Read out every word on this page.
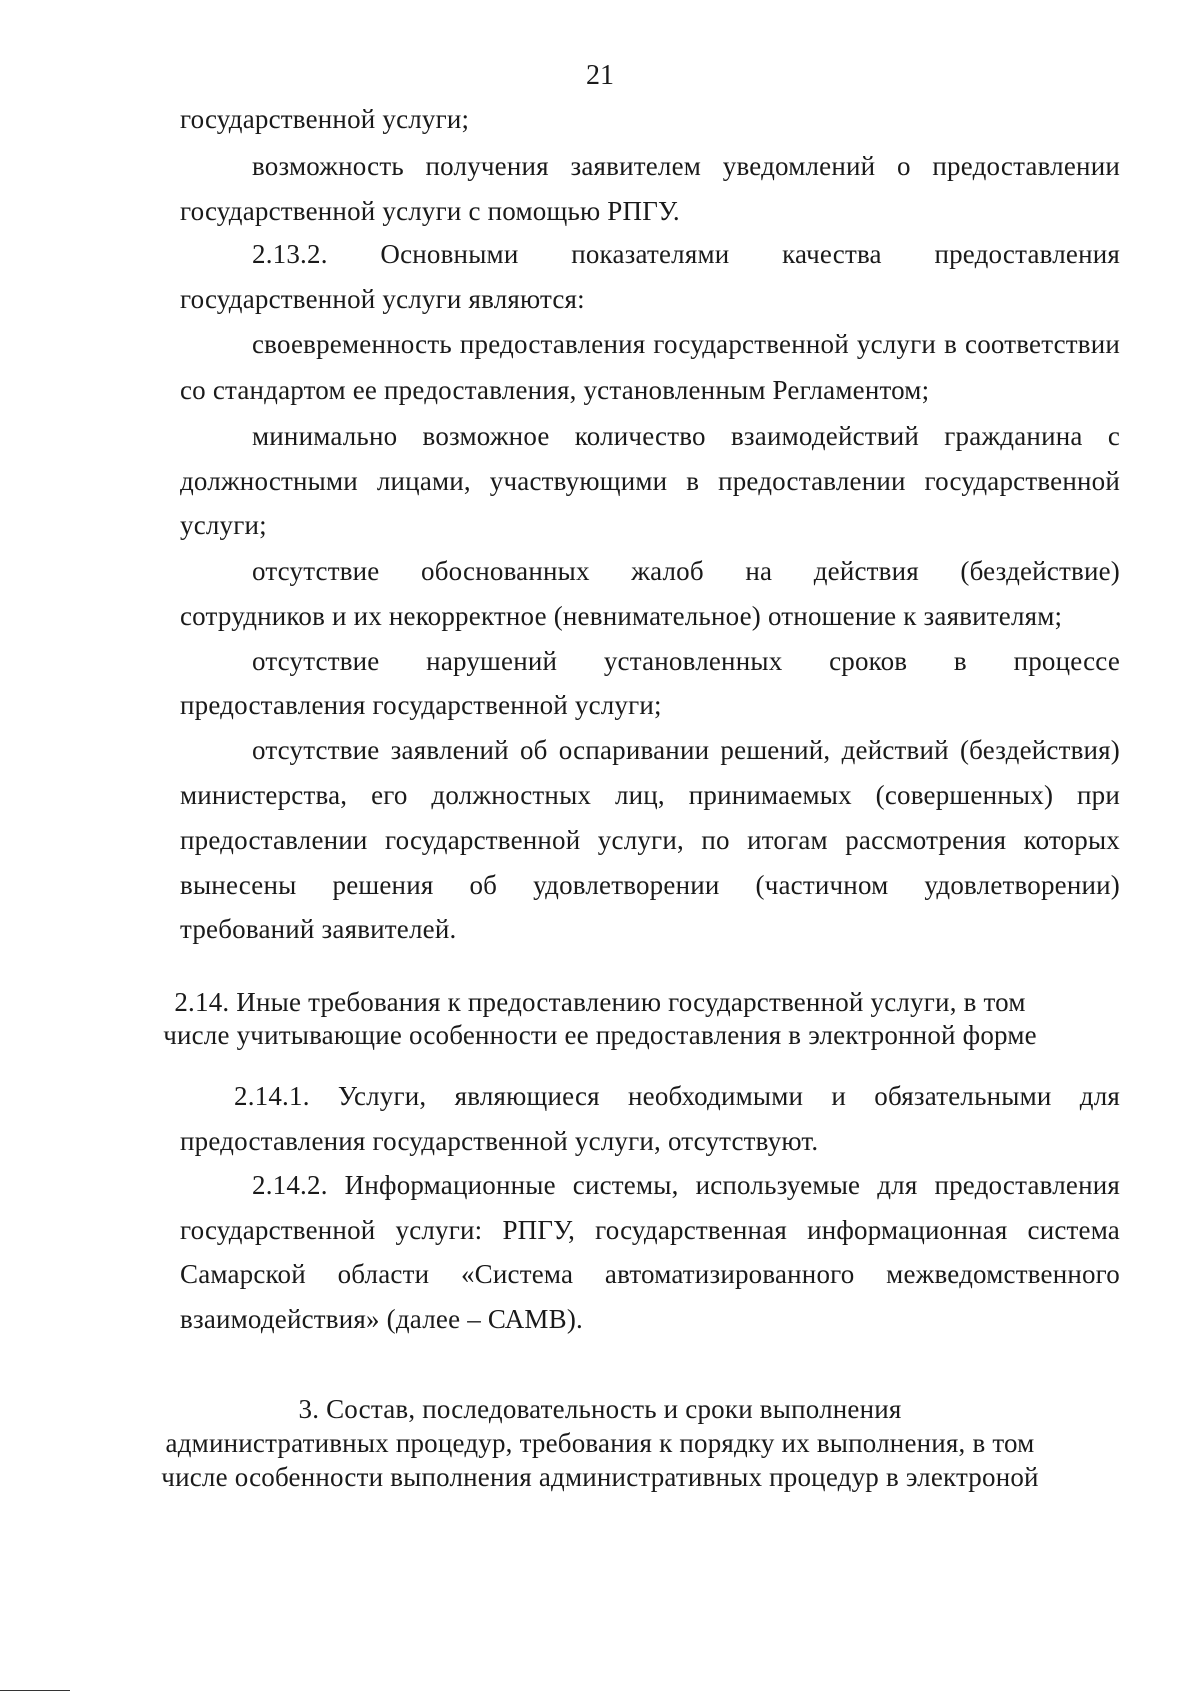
21
государственной услуги;
возможность получения заявителем уведомлений о предоставлении
государственной услуги с помощью РПГУ.
2.13.2. Основными показателями качества предоставления
государственной услуги являются:
своевременность предоставления государственной услуги в соответствии
со стандартом ее предоставления, установленным Регламентом;
минимально возможное количество взаимодействий гражданина с
должностными лицами, участвующими в предоставлении государственной
услуги;
отсутствие обоснованных жалоб на действия (бездействие)
сотрудников и их некорректное (невнимательное) отношение к заявителям;
отсутствие нарушений установленных сроков в процессе
предоставления государственной услуги;
отсутствие заявлений об оспаривании решений, действий (бездействия)
министерства, его должностных лиц, принимаемых (совершенных) при
предоставлении государственной услуги, по итогам рассмотрения которых
вынесены решения об удовлетворении (частичном удовлетворении)
требований заявителей.
2.14. Иные требования к предоставлению государственной услуги, в том
числе учитывающие особенности ее предоставления в электронной форме
2.14.1. Услуги, являющиеся необходимыми и обязательными для
предоставления государственной услуги, отсутствуют.
2.14.2. Информационные системы, используемые для предоставления
государственной услуги: РПГУ, государственная информационная система
Самарской области «Система автоматизированного межведомственного
взаимодействия» (далее – САМВ).
3. Состав, последовательность и сроки выполнения
административных процедур, требования к порядку их выполнения, в том
числе особенности выполнения административных процедур в электроной
